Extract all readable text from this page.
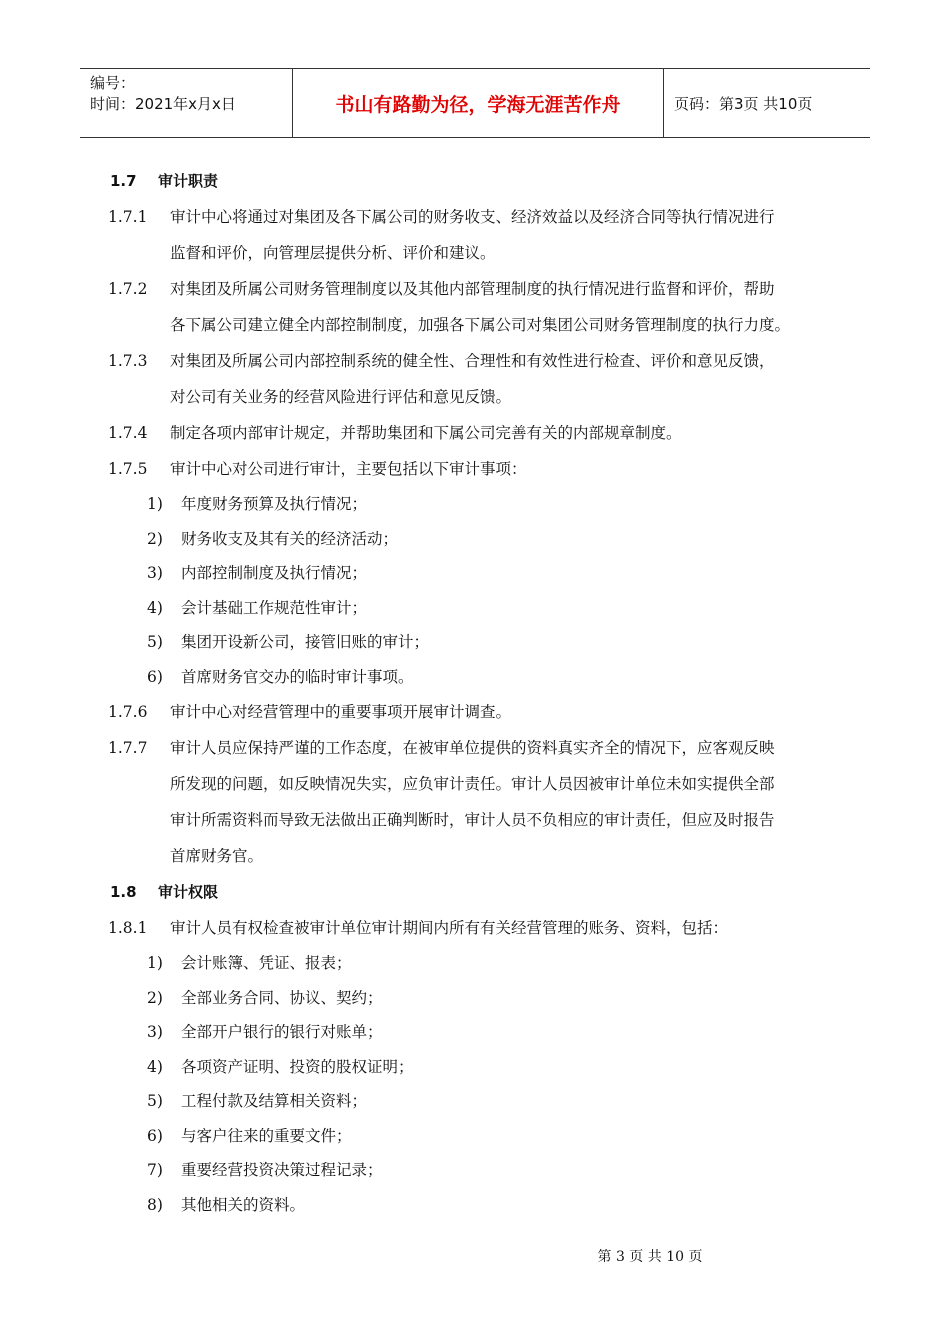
编号：
时间：2021年x月x日	书山有路勤为径，学海无涯苦作舟	页码：第3页 共10页
1.7 审计职责
1.7.1	审计中心将通过对集团及各下属公司的财务收支、经济效益以及经济合同等执行情况进行
监督和评价，向管理层提供分析、评价和建议。
1.7.2	对集团及所属公司财务管理制度以及其他内部管理制度的执行情况进行监督和评价，帮助
各下属公司建立健全内部控制制度，加强各下属公司对集团公司财务管理制度的执行力度。
1.7.3	对集团及所属公司内部控制系统的健全性、合理性和有效性进行检查、评价和意见反馈，
对公司有关业务的经营风险进行评估和意见反馈。
1.7.4	制定各项内部审计规定，并帮助集团和下属公司完善有关的内部规章制度。
1.7.5	审计中心对公司进行审计，主要包括以下审计事项：
1) 年度财务预算及执行情况；
2) 财务收支及其有关的经济活动；
3) 内部控制制度及执行情况；
4) 会计基础工作规范性审计；
5) 集团开设新公司，接管旧账的审计；
6) 首席财务官交办的临时审计事项。
1.7.6	审计中心对经营管理中的重要事项开展审计调查。
1.7.7	审计人员应保持严谨的工作态度，在被审单位提供的资料真实齐全的情况下，应客观反映
所发现的问题，如反映情况失实，应负审计责任。审计人员因被审计单位未如实提供全部
审计所需资料而导致无法做出正确判断时，审计人员不负相应的审计责任，但应及时报告
首席财务官。
1.8 审计权限
1.8.1	审计人员有权检查被审计单位审计期间内所有有关经营管理的账务、资料，包括：
1) 会计账簿、凭证、报表；
2) 全部业务合同、协议、契约；
3) 全部开户银行的银行对账单；
4) 各项资产证明、投资的股权证明；
5) 工程付款及结算相关资料；
6) 与客户往来的重要文件；
7) 重要经营投资决策过程记录；
8) 其他相关的资料。
第 3 页 共 10 页
